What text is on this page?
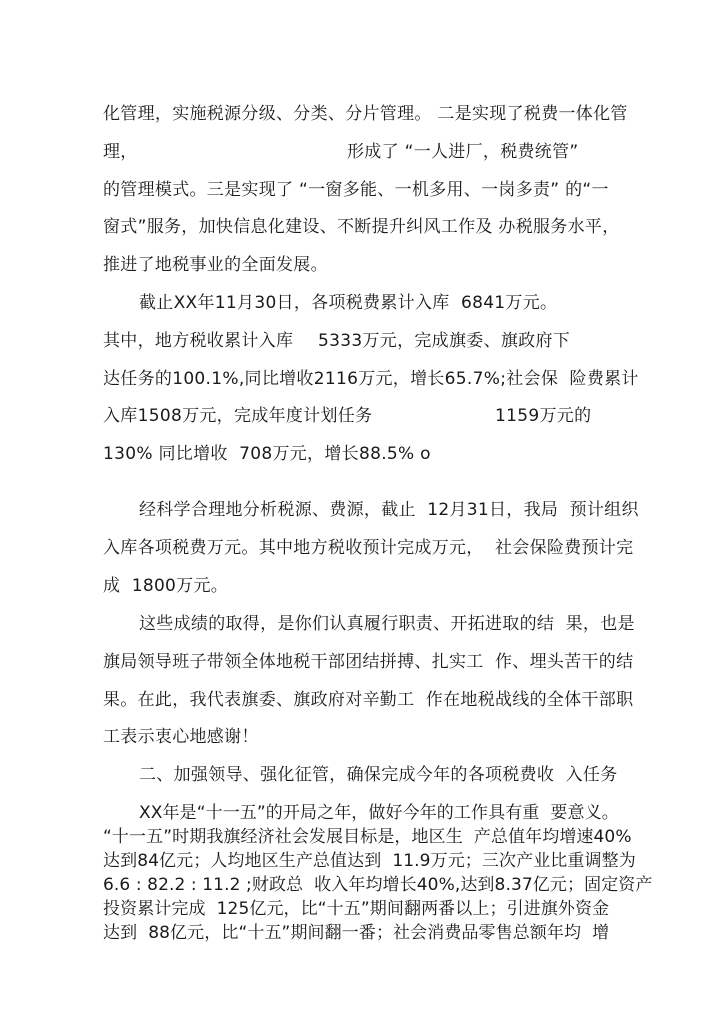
化管理，实施税源分级、分类、分片管理。 二是实现了税费一体化管
理，	形成了 “一人进厂，税费统管”
的管理模式。三是实现了 “一窗多能、一机多用、一岗多责” 的“一
窗式”服务，加快信息化建设、不断提升纠风工作及 办税服务水平，
推进了地税事业的全面发展。
截止XX年11月30日，各项税费累计入库  6841万元。
其中，地方税收累计入库 5333万元，完成旗委、旗政府下
达任务的100.1%,同比增收2116万元，增长65.7%;社会保  险费累计
入库1508万元，完成年度计划任务	1159万元的
130% 同比增收  708万元，增长88.5% o
经科学合理地分析税源、费源，截止  12月31日，我局  预计组织
入库各项税费万元。其中地方税收预计完成万元，  社会保险费预计完
成  1800万元。
这些成绩的取得，是你们认真履行职责、开拓进取的结  果，也是
旗局领导班子带领全体地税干部团结拼搏、扎实工  作、埋头苦干的结
果。在此，我代表旗委、旗政府对辛勤工  作在地税战线的全体干部职
工表示衷心地感谢！
二、加强领导、强化征管，确保完成今年的各项税费收  入任务
XX年是“十一五”的开局之年，做好今年的工作具有重  要意义。
“十一五”时期我旗经济社会发展目标是，地区生  产总值年均增速40%
达到84亿元；人均地区生产总值达到  11.9万元；三次产业比重调整为
6.6 : 82.2 : 11.2 ;财政总  收入年均增长40%,达到8.37亿元；固定资产
投资累计完成  125亿元，比“十五”期间翻两番以上；引进旗外资金
达到  88亿元，比“十五”期间翻一番；社会消费品零售总额年均  增
